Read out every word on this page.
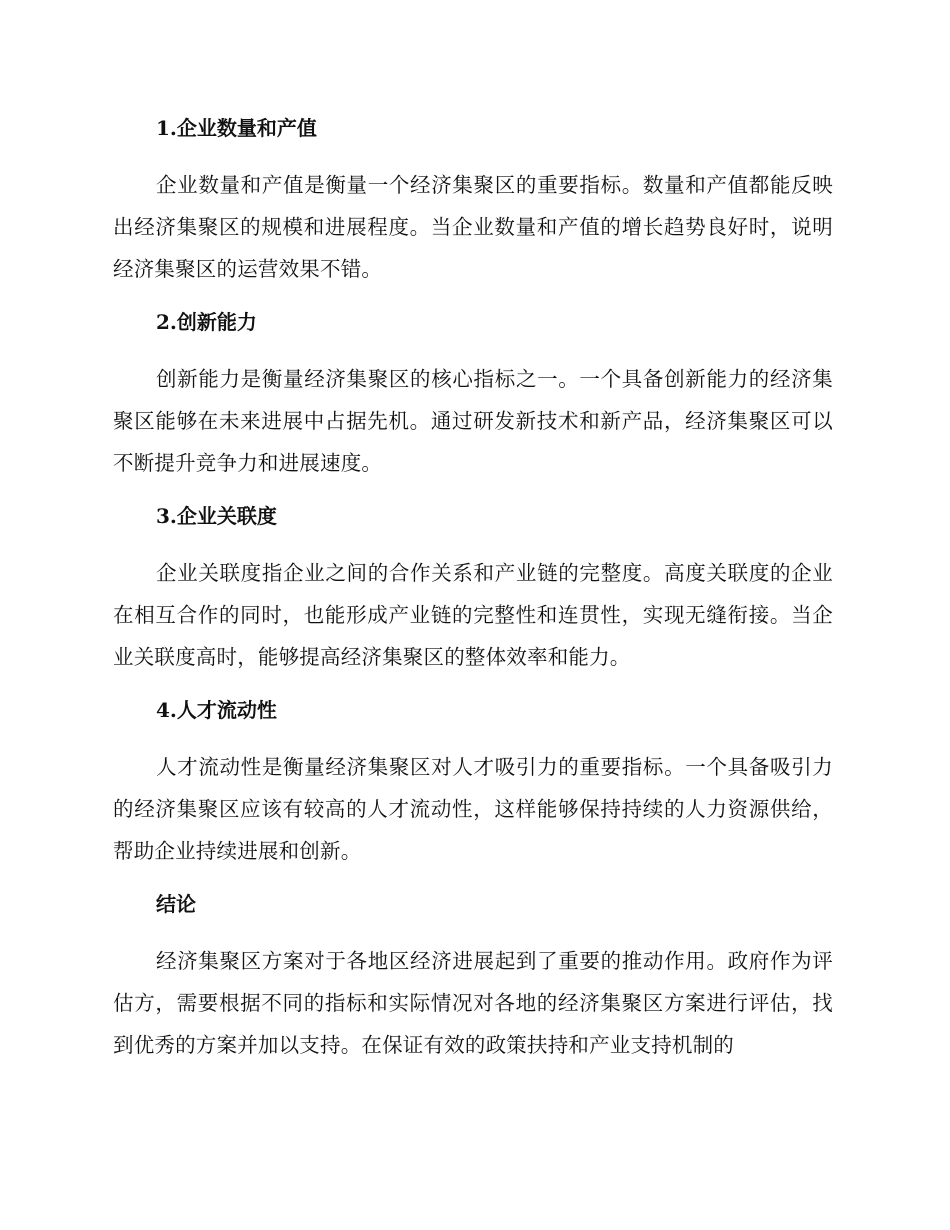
1.企业数量和产值

企业数量和产值是衡量一个经济集聚区的重要指标。数量和产值都能反映出经济集聚区的规模和进展程度。当企业数量和产值的增长趋势良好时，说明经济集聚区的运营效果不错。

2.创新能力

创新能力是衡量经济集聚区的核心指标之一。一个具备创新能力的经济集聚区能够在未来进展中占据先机。通过研发新技术和新产品，经济集聚区可以不断提升竞争力和进展速度。

3.企业关联度

企业关联度指企业之间的合作关系和产业链的完整度。高度关联度的企业在相互合作的同时，也能形成产业链的完整性和连贯性，实现无缝衔接。当企业关联度高时，能够提高经济集聚区的整体效率和能力。

4.人才流动性

人才流动性是衡量经济集聚区对人才吸引力的重要指标。一个具备吸引力的经济集聚区应该有较高的人才流动性，这样能够保持持续的人力资源供给，帮助企业持续进展和创新。

结论

经济集聚区方案对于各地区经济进展起到了重要的推动作用。政府作为评估方，需要根据不同的指标和实际情况对各地的经济集聚区方案进行评估，找到优秀的方案并加以支持。在保证有效的政策扶持和产业支持机制的
